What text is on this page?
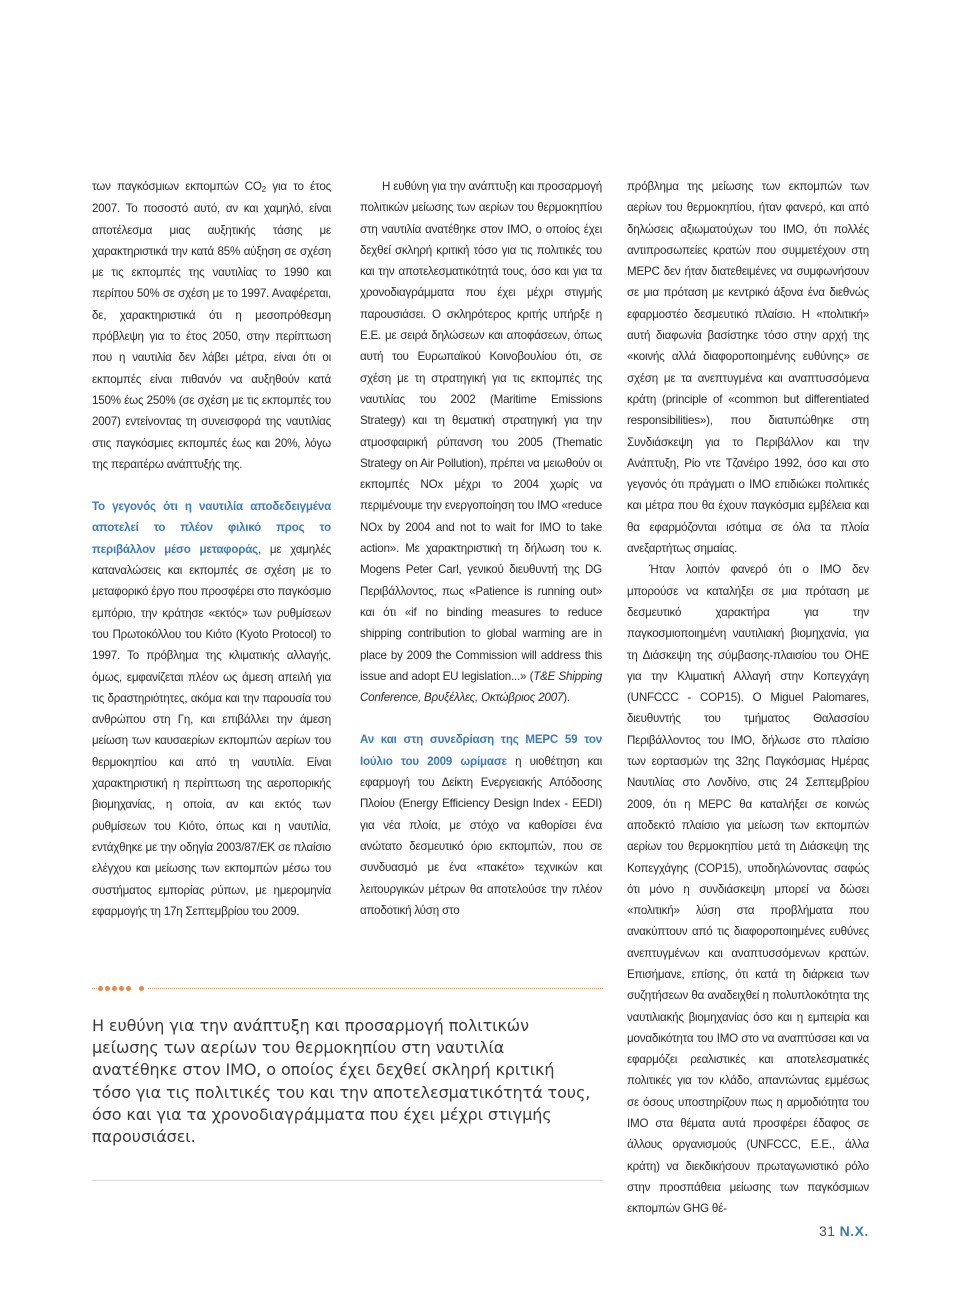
των παγκόσμιων εκπομπών $CO_2$ για το έτος 2007. Το ποσοστό αυτό, αν και χαμηλό, είναι αποτέλεσμα μιας αυξητικής τάσης με χαρακτηριστικά την κατά 85% αύξηση σε σχέση με τις εκπομπές της ναυτιλίας το 1990 και περίπου 50% σε σχέση με το 1997. Αναφέρεται, δε, χαρακτηριστικά ότι η μεσοπρόθεσμη πρόβλεψη για το έτος 2050, στην περίπτωση που η ναυτιλία δεν λάβει μέτρα, είναι ότι οι εκπομπές είναι πιθανόν να αυξηθούν κατά 150% έως 250% (σε σχέση με τις εκπομπές του 2007) εντείνοντας τη συνεισφορά της ναυτιλίας στις παγκόσμιες εκπομπές έως και 20%, λόγω της περαιτέρω ανάπτυξής της.

Το γεγονός ότι η ναυτιλία αποδεδειγμένα αποτελεί το πλέον φιλικό προς το περιβάλλον μέσο μεταφοράς, με χαμηλές καταναλώσεις και εκπομπές σε σχέση με το μεταφορικό έργο που προσφέρει στο παγκόσμιο εμπόριο, την κράτησε «εκτός» των ρυθμίσεων του Πρωτοκόλλου του Κιότο (Kyoto Protocol) το 1997. Το πρόβλημα της κλιματικής αλλαγής, όμως, εμφανίζεται πλέον ως άμεση απειλή για τις δραστηριότητες, ακόμα και την παρουσία του ανθρώπου στη Γη, και επιβάλλει την άμεση μείωση των καυσαερίων εκπομπών αερίων του θερμοκηπίου και από τη ναυτιλία. Είναι χαρακτηριστική η περίπτωση της αεροπορικής βιομηχανίας, η οποία, αν και εκτός των ρυθμίσεων του Κιότο, όπως και η ναυτιλία, εντάχθηκε με την οδηγία 2003/87/ΕΚ σε πλαίσιο ελέγχου και μείωσης των εκπομπών μέσω του συστήματος εμπορίας ρύπων, με ημερομηνία εφαρμογής τη 17η Σεπτεμβρίου του 2009.

Η ευθύνη για την ανάπτυξη και προσαρμογή πολιτικών μείωσης των αερίων του θερμοκηπίου στη ναυτιλία ανατέθηκε στον IMO, ο οποίος έχει δεχθεί σκληρή κριτική τόσο για τις πολιτικές του και την αποτελεσματικότητά τους, όσο και για τα χρονοδιαγράμματα που έχει μέχρι στιγμής παρουσιάσει. Ο σκληρότερος κριτής υπήρξε η Ε.Ε. με σειρά δηλώσεων και αποφάσεων, όπως αυτή του Ευρωπαϊκού Κοινοβουλίου ότι, σε σχέση με τη στρατηγική για τις εκπομπές της ναυτιλίας του 2002 (Maritime Emissions Strategy) και τη θεματική στρατηγική για την ατμοσφαιρική ρύπανση του 2005 (Thematic Strategy on Air Pollution), πρέπει να μειωθούν οι εκπομπές NOx μέχρι το 2004 χωρίς να περιμένουμε την ενεργοποίηση του IMO «reduce NOx by 2004 and not to wait for IMO to take action». Με χαρακτηριστική τη δήλωση του κ. Mogens Peter Carl, γενικού διευθυντή της DG Περιβάλλοντος, πως «Patience is running out» και ότι «if no binding measures to reduce shipping contribution to global warming are in place by 2009 the Commission will address this issue and adopt EU legislation...» (T&E Shipping Conference, Βρυξέλλες, Οκτώβριος 2007).

Αν και στη συνεδρίαση της MEPC 59 τον Ιούλιο του 2009 ωρίμασε η υιοθέτηση και εφαρμογή του Δείκτη Ενεργειακής Απόδοσης Πλοίου (Energy Efficiency Design Index - EEDI) για νέα πλοία, με στόχο να καθορίσει ένα ανώτατο δεσμευτικό όριο εκπομπών, που σε συνδυασμό με ένα «πακέτο» τεχνικών και λειτουργικών μέτρων θα αποτελούσε την πλέον αποδοτική λύση στο

πρόβλημα της μείωσης των εκπομπών των αερίων του θερμοκηπίου, ήταν φανερό, και από δηλώσεις αξιωματούχων του IMO, ότι πολλές αντιπροσωπείες κρατών που συμμετέχουν στη MEPC δεν ήταν διατεθειμένες να συμφωνήσουν σε μια πρόταση με κεντρικό άξονα ένα διεθνώς εφαρμοστέο δεσμευτικό πλαίσιο. Η «πολιτική» αυτή διαφωνία βασίστηκε τόσο στην αρχή της «κοινής αλλά διαφοροποιημένης ευθύνης» σε σχέση με τα ανεπτυγμένα και αναπτυσσόμενα κράτη (principle of «common but differentiated responsibilities»), που διατυπώθηκε στη Συνδιάσκεψη για το Περιβάλλον και την Ανάπτυξη, Ρίο ντε Τζανέιρο 1992, όσο και στο γεγονός ότι πράγματι ο IMO επιδιώκει πολιτικές και μέτρα που θα έχουν παγκόσμια εμβέλεια και θα εφαρμόζονται ισότιμα σε όλα τα πλοία ανεξαρτήτως σημαίας.

Ήταν λοιπόν φανερό ότι ο IMO δεν μπορούσε να καταλήξει σε μια πρόταση με δεσμευτικό χαρακτήρα για την παγκοσμιοποιημένη ναυτιλιακή βιομηχανία, για τη Διάσκεψη της σύμβασης-πλαισίου του ΟΗΕ για την Κλιματική Αλλαγή στην Κοπεγχάγη (UNFCCC - COP15). Ο Miguel Palomares, διευθυντής του τμήματος Θαλασσίου Περιβάλλοντος του IMO, δήλωσε στο πλαίσιο των εορτασμών της 32ης Παγκόσμιας Ημέρας Ναυτιλίας στο Λονδίνο, στις 24 Σεπτεμβρίου 2009, ότι η MEPC θα καταλήξει σε κοινώς αποδεκτό πλαίσιο για μείωση των εκπομπών αερίων του θερμοκηπίου μετά τη Διάσκεψη της Κοπεγχάγης (COP15), υποδηλώνοντας σαφώς ότι μόνο η συνδιάσκεψη μπορεί να δώσει «πολιτική» λύση στα προβλήματα που ανακύπτουν από τις διαφοροποιημένες ευθύνες ανεπτυγμένων και αναπτυσσόμενων κρατών. Επισήμανε, επίσης, ότι κατά τη διάρκεια των συζητήσεων θα αναδειχθεί η πολυπλοκότητα της ναυτιλιακής βιομηχανίας όσο και η εμπειρία και μοναδικότητα του IMO στο να αναπτύσσει και να εφαρμόζει ρεαλιστικές και αποτελεσματικές πολιτικές για τον κλάδο, απαντώντας εμμέσως σε όσους υποστηρίζουν πως η αρμοδιότητα του IMO στα θέματα αυτά προσφέρει έδαφος σε άλλους οργανισμούς (UNFCCC, Ε.Ε., άλλα κράτη) να διεκδικήσουν πρωταγωνιστικό ρόλο στην προσπάθεια μείωσης των παγκόσμιων εκπομπών GHG θέ-

Η ευθύνη για την ανάπτυξη και προσαρμογή πολιτικών μείωσης των αερίων του θερμοκηπίου στη ναυτιλία ανατέθηκε στον IMO, ο οποίος έχει δεχθεί σκληρή κριτική τόσο για τις πολιτικές του και την αποτελεσματικότητά τους, όσο και για τα χρονοδιαγράμματα που έχει μέχρι στιγμής παρουσιάσει.
31 N.X.
